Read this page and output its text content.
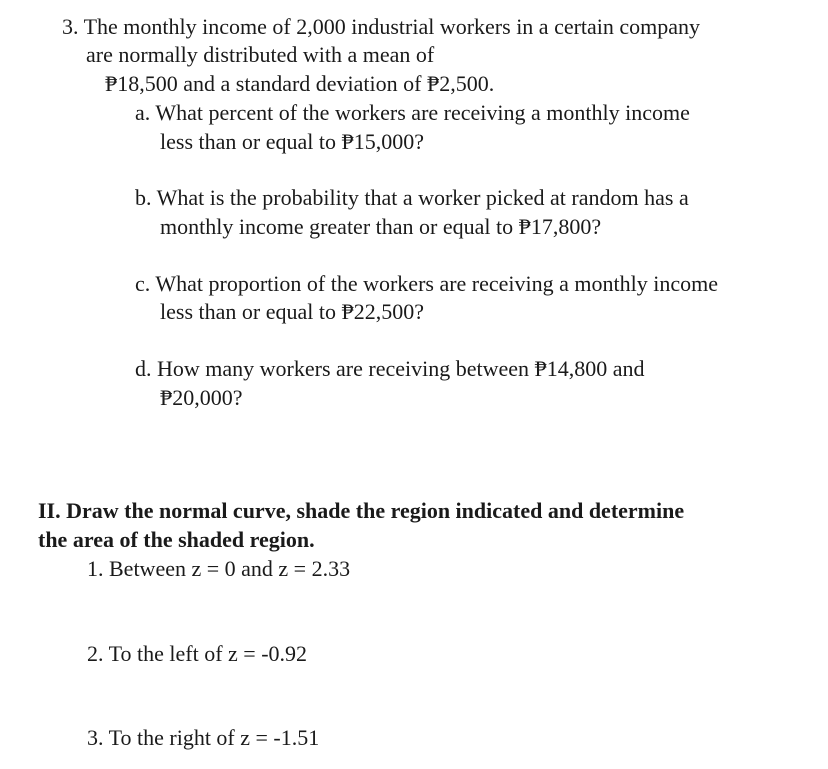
3. The monthly income of 2,000 industrial workers in a certain company
are normally distributed with a mean of
₱18,500 and a standard deviation of ₱2,500.
a. What percent of the workers are receiving a monthly income
less than or equal to ₱15,000?
b. What is the probability that a worker picked at random has a
monthly income greater than or equal to ₱17,800?
c. What proportion of the workers are receiving a monthly income
less than or equal to ₱22,500?
d. How many workers are receiving between ₱14,800 and
₱20,000?
II. Draw the normal curve, shade the region indicated and determine
the area of the shaded region.
1. Between z = 0 and z = 2.33
2. To the left of z = -0.92
3. To the right of z = -1.51
